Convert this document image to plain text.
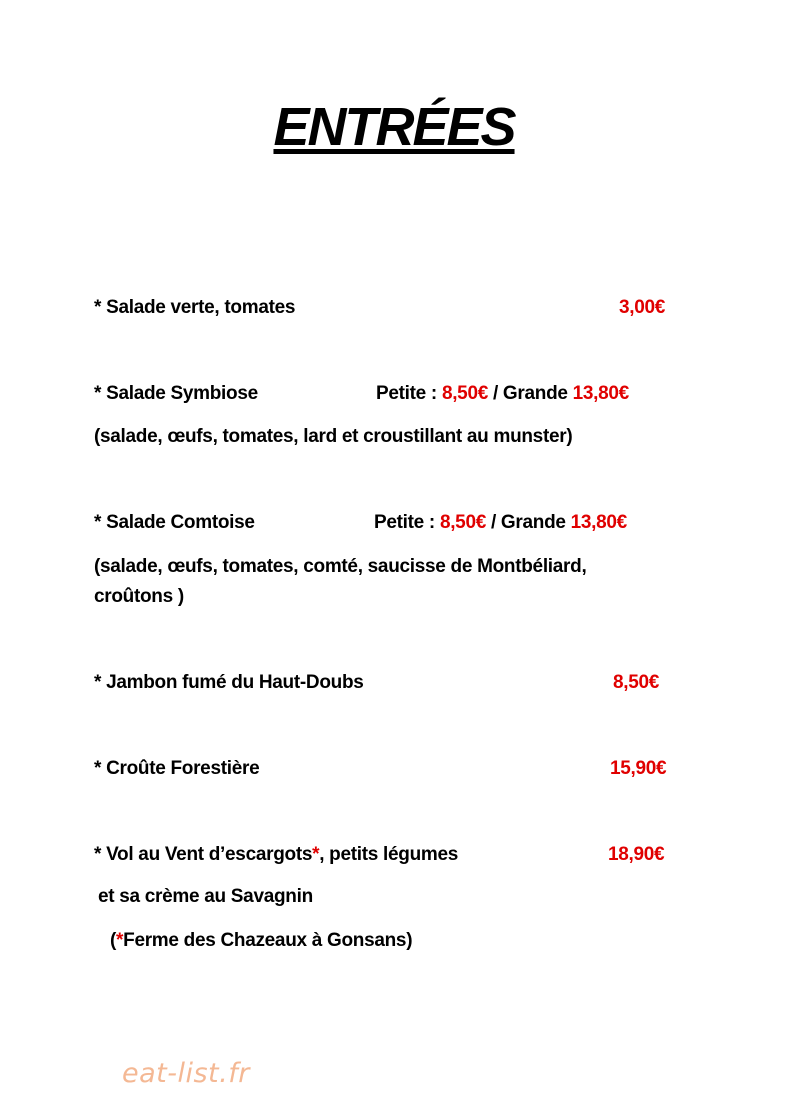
ENTRÉES
* Salade verte, tomates	3,00€
* Salade Symbiose	Petite : 8,50€ / Grande 13,80€
(salade, œufs, tomates, lard et croustillant au munster)
* Salade Comtoise	Petite : 8,50€ / Grande 13,80€
(salade, œufs, tomates, comté, saucisse de Montbéliard,
croûtons )
* Jambon fumé du Haut-Doubs	8,50€
* Croûte Forestière	15,90€
* Vol au Vent d’escargots*, petits légumes	18,90€
et sa crème au Savagnin
(*Ferme des Chazeaux à Gonsans)
eat-list.fr
